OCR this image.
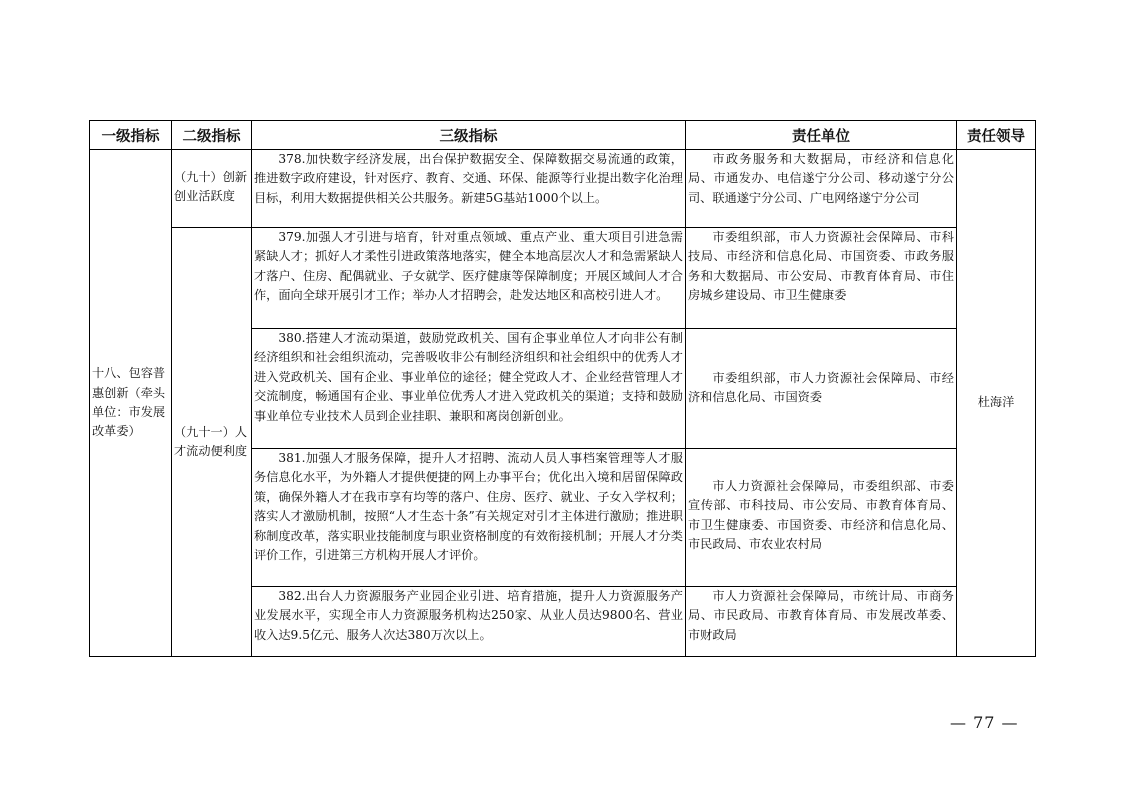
一级指标	二级指标	三级指标	责任单位	责任领导
十八、包容普惠创新（牵头单位：市发展改革委）	（九十）创新创业活跃度	378.加快数字经济发展，出台保护数据安全、保障数据交易流通的政策，推进数字政府建设，针对医疗、教育、交通、环保、能源等行业提出数字化治理目标，利用大数据提供相关公共服务。新建5G基站1000个以上。	市政务服务和大数据局，市经济和信息化局、市通发办、电信遂宁分公司、移动遂宁分公司、联通遂宁分公司、广电网络遂宁分公司	杜海洋
	（九十一）人才流动便利度	379.加强人才引进与培育，针对重点领域、重点产业、重大项目引进急需紧缺人才；抓好人才柔性引进政策落地落实，健全本地高层次人才和急需紧缺人才落户、住房、配偶就业、子女就学、医疗健康等保障制度；开展区域间人才合作，面向全球开展引才工作；举办人才招聘会，赴发达地区和高校引进人才。	市委组织部，市人力资源社会保障局、市科技局、市经济和信息化局、市国资委、市政务服务和大数据局、市公安局、市教育体育局、市住房城乡建设局、市卫生健康委	
		380.搭建人才流动渠道，鼓励党政机关、国有企事业单位人才向非公有制经济组织和社会组织流动，完善吸收非公有制经济组织和社会组织中的优秀人才进入党政机关、国有企业、事业单位的途径；健全党政人才、企业经营管理人才交流制度，畅通国有企业、事业单位优秀人才进入党政机关的渠道；支持和鼓励事业单位专业技术人员到企业挂职、兼职和离岗创新创业。	市委组织部，市人力资源社会保障局、市经济和信息化局、市国资委	
		381.加强人才服务保障，提升人才招聘、流动人员人事档案管理等人才服务信息化水平，为外籍人才提供便捷的网上办事平台；优化出入境和居留保障政策，确保外籍人才在我市享有均等的落户、住房、医疗、就业、子女入学权利；落实人才激励机制，按照“人才生态十条”有关规定对引才主体进行激励；推进职称制度改革，落实职业技能制度与职业资格制度的有效衔接机制；开展人才分类评价工作，引进第三方机构开展人才评价。	市人力资源社会保障局，市委组织部、市委宣传部、市科技局、市公安局、市教育体育局、市卫生健康委、市国资委、市经济和信息化局、市民政局、市农业农村局	
		382.出台人力资源服务产业园企业引进、培育措施，提升人力资源服务产业发展水平，实现全市人力资源服务机构达250家、从业人员达9800名、营业收入达9.5亿元、服务人次达380万次以上。	市人力资源社会保障局，市统计局、市商务局、市民政局、市教育体育局、市发展改革委、市财政局	
— 77 —
